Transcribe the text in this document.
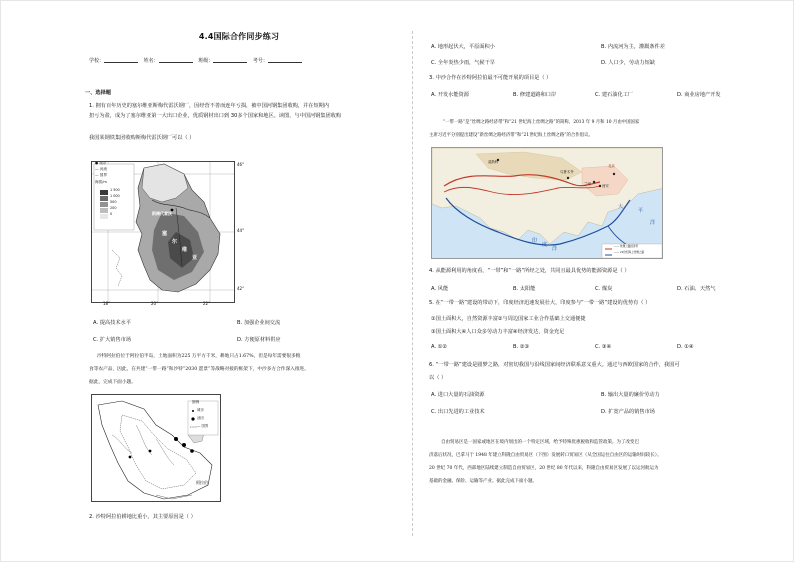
4.4国际合作同步练习
学校：	姓名：	班级：	考号：
一、选择题
1. 拥有百年历史的塞尔维亚斯梅代雷沃钢厂，因经营不善而连年亏损，被中国河钢集团收购，并在短期内
扭亏为盈，成为了塞尔维亚第一大出口企业，优质钢材出口到 30多个国家和地区。读图，与中国河钢集团收购
我国某钢铁集团收购斯梅代雷沃钢厂可以（ ）
● 城市
— 河流
— 国界
海拔/m
1 500
1 000
500
200
0	斯梅代雷沃
塞
尔
维
亚
46°
44°
42°
18°	20°	22°
A. 提高技术水平	B. 加强企业间交流
C. 扩大销售市场	D. 方便原材料供应
沙特阿拉伯位于阿拉伯半岛，土地面积为225 万平方千米，耕地只占1.67%，但是每年需要很多粮
食等农产品，因此，在共建“一带一路”和沙特“2030 愿景”等战略对接的框架下，中沙多方合作深入推进。
据此，完成下面小题。
图例
城市
油田
— 国界
阿拉伯
2. 沙特阿拉伯耕地比重小，其主要原因是（ ）
A. 地形起伏大，平原面积小	B. 内流河为主，灌溉条件差
C. 全年炎热少雨，气候干旱	D. 人口少，劳动力短缺
3. 中沙合作在沙特阿拉伯最不可能开展的项目是（ ）
A. 开发水能资源	B. 修建道路和口岸	C. 建石油化工厂	D. 商业房地产开发
“一带一路”是“丝绸之路经济带”和“21 世纪海上丝绸之路”的简称，2013 年 9 月和 10 月由中国国家
主席习近平分别提出建设“新丝绸之路经济带”和“21世纪海上丝绸之路”的合作倡议。
莫斯科
北京
兰州	西安
乌鲁木齐
大
平
洋
印
度
洋	—— 丝绸之路经济带
—— 21世纪海上丝绸之路
4. 从能源利用的角度看，“一带”和“一路”所经之处，共同且最具优势的能源资源是（ ）
A. 风能	B. 太阳能	C. 煤炭	D. 石油、天然气
5. 在“一带一路”建设的带动下，印度经济迅速发展壮大，印度参与“一带一路”建设的优势有（ ）
①国土面积大，自然资源丰富②与周边国家工业合作基础上交通便捷
③国土面积大④人口众多劳动力丰富④经济发达，资金充足
A. ①②	B. ②③	C. ③④	D. ①④
6. “一带一路”建设是圆梦之路，对密切我国与沿线国家间经济联系意义重大。通过与西欧国家的合作，我国可
以（ ）
A. 进口大量的石油资源	B. 输出大量的廉价劳动力
C. 出口先进的工业技术	D. 扩宽产品的销售市场
自由贸易区是一国家或地区在境内划出的一个特定区域，给予特殊优惠税收和监管政策。为了改变巴
济落后状况，巴拿马于 1948 年建立科隆自由贸易区（下图）发展转口贸易区（从全国运往自由区的运输时间较长）。
20 世纪 70 年代，西部地区陆续建立制造自由贸易区，20 世纪 80 年代以来，科隆自由贸易区发展了以运河航运为
基础的金融、保险、运输等产业。据此完成下面小题。
